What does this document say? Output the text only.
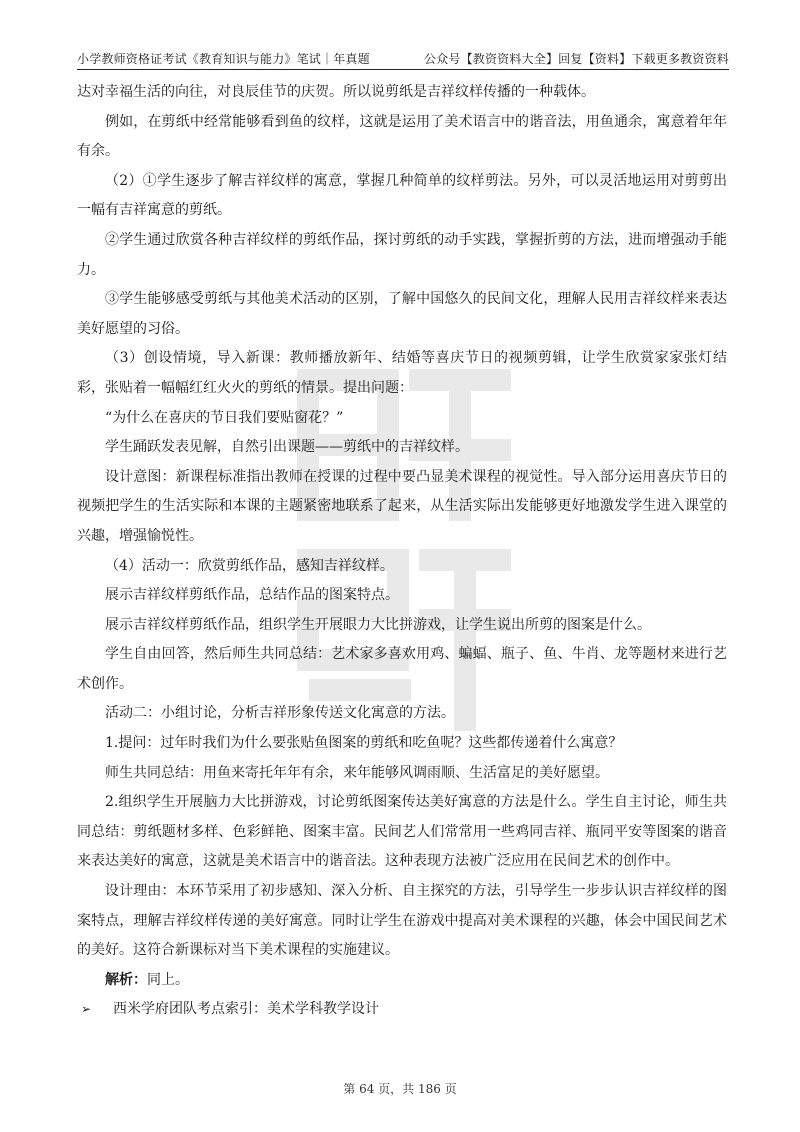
小学教师资格证考试《教育知识与能力》笔试｜年真题	公众号【教资资料大全】回复【资料】下载更多教资资料

达对幸福生活的向往，对良辰佳节的庆贺。所以说剪纸是吉祥纹样传播的一种载体。

例如，在剪纸中经常能够看到鱼的纹样，这就是运用了美术语言中的谐音法，用鱼通余，寓意着年年有余。

（2）①学生逐步了解吉祥纹样的寓意，掌握几种简单的纹样剪法。另外，可以灵活地运用对剪剪出一幅有吉祥寓意的剪纸。

②学生通过欣赏各种吉祥纹样的剪纸作品，探讨剪纸的动手实践，掌握折剪的方法，进而增强动手能力。

③学生能够感受剪纸与其他美术活动的区别，了解中国悠久的民间文化，理解人民用吉祥纹样来表达美好愿望的习俗。

（3）创设情境，导入新课：教师播放新年、结婚等喜庆节日的视频剪辑，让学生欣赏家家张灯结彩，张贴着一幅幅红红火火的剪纸的情景。提出问题：

“为什么在喜庆的节日我们要贴窗花？”

学生踊跃发表见解，自然引出课题——剪纸中的吉祥纹样。

设计意图：新课程标准指出教师在授课的过程中要凸显美术课程的视觉性。导入部分运用喜庆节日的视频把学生的生活实际和本课的主题紧密地联系了起来，从生活实际出发能够更好地激发学生进入课堂的兴趣，增强愉悦性。

（4）活动一：欣赏剪纸作品，感知吉祥纹样。

展示吉祥纹样剪纸作品，总结作品的图案特点。

展示吉祥纹样剪纸作品，组织学生开展眼力大比拼游戏，让学生说出所剪的图案是什么。

学生自由回答，然后师生共同总结：艺术家多喜欢用鸡、蝙蝠、瓶子、鱼、牛肖、龙等题材来进行艺术创作。

活动二：小组讨论，分析吉祥形象传送文化寓意的方法。

1.提问：过年时我们为什么要张贴鱼图案的剪纸和吃鱼呢？这些都传递着什么寓意？

师生共同总结：用鱼来寄托年年有余，来年能够风调雨顺、生活富足的美好愿望。

2.组织学生开展脑力大比拼游戏，讨论剪纸图案传达美好寓意的方法是什么。学生自主讨论，师生共同总结：剪纸题材多样、色彩鲜艳、图案丰富。民间艺人们常常用一些鸡同吉祥、瓶同平安等图案的谐音来表达美好的寓意，这就是美术语言中的谐音法。这种表现方法被广泛应用在民间艺术的创作中。

设计理由：本环节采用了初步感知、深入分析、自主探究的方法，引导学生一步步认识吉祥纹样的图案特点，理解吉祥纹样传递的美好寓意。同时让学生在游戏中提高对美术课程的兴趣，体会中国民间艺术的美好。这符合新课标对当下美术课程的实施建议。

解析：同上。

➢ 西米学府团队考点索引：美术学科教学设计

第 64 页，共 186 页
